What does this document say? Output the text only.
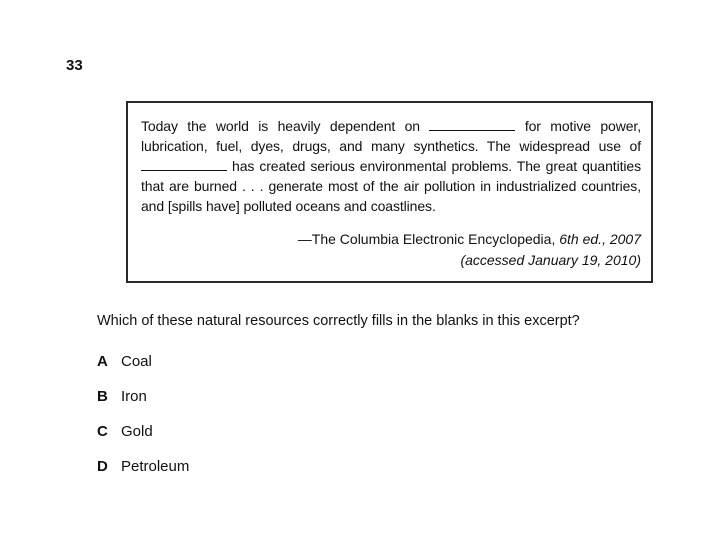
33

Today the world is heavily dependent on	for motive power, lubrication, fuel, dyes, drugs, and many synthetics. The widespread use of  has created serious environmental problems. The great quantities that are burned . . . generate most of the air pollution in industrialized countries, and [spills have] polluted oceans and coastlines.

—The Columbia Electronic Encyclopedia, 6th ed., 2007
(accessed January 19, 2010)

Which of these natural resources correctly fills in the blanks in this excerpt?

A Coal
B Iron
C Gold
D Petroleum
